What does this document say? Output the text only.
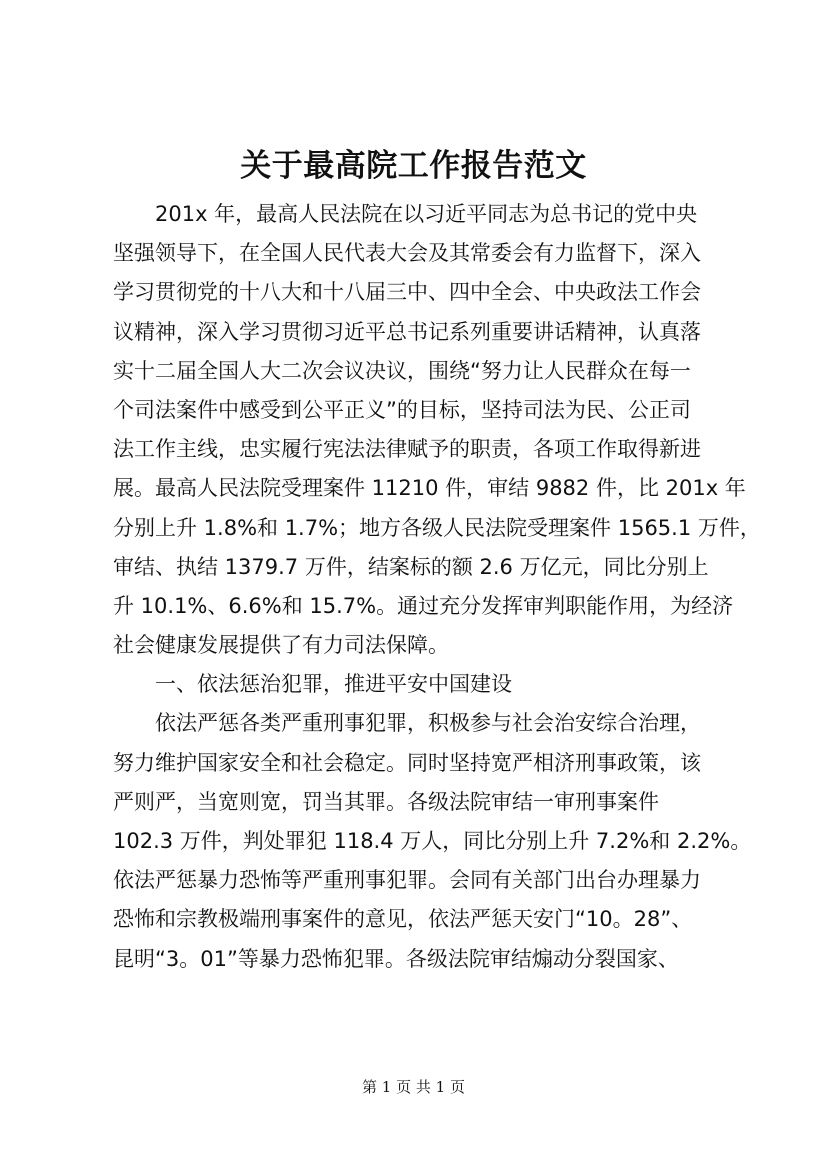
关于最高院工作报告范文
201x 年，最高人民法院在以习近平同志为总书记的党中央
坚强领导下，在全国人民代表大会及其常委会有力监督下，深入
学习贯彻党的十八大和十八届三中、四中全会、中央政法工作会
议精神，深入学习贯彻习近平总书记系列重要讲话精神，认真落
实十二届全国人大二次会议决议，围绕“努力让人民群众在每一
个司法案件中感受到公平正义”的目标，坚持司法为民、公正司
法工作主线，忠实履行宪法法律赋予的职责，各项工作取得新进
展。最高人民法院受理案件 11210 件，审结 9882 件，比 201x 年
分别上升 1.8%和 1.7%；地方各级人民法院受理案件 1565.1 万件，
审结、执结 1379.7 万件，结案标的额 2.6 万亿元，同比分别上
升 10.1%、6.6%和 15.7%。通过充分发挥审判职能作用，为经济
社会健康发展提供了有力司法保障。
一、依法惩治犯罪，推进平安中国建设
依法严惩各类严重刑事犯罪，积极参与社会治安综合治理，
努力维护国家安全和社会稳定。同时坚持宽严相济刑事政策，该
严则严，当宽则宽，罚当其罪。各级法院审结一审刑事案件
102.3 万件，判处罪犯 118.4 万人，同比分别上升 7.2%和 2.2%。
依法严惩暴力恐怖等严重刑事犯罪。会同有关部门出台办理暴力
恐怖和宗教极端刑事案件的意见，依法严惩天安门“10。28”、
昆明“3。01”等暴力恐怖犯罪。各级法院审结煽动分裂国家、
第 1 页 共 1 页
